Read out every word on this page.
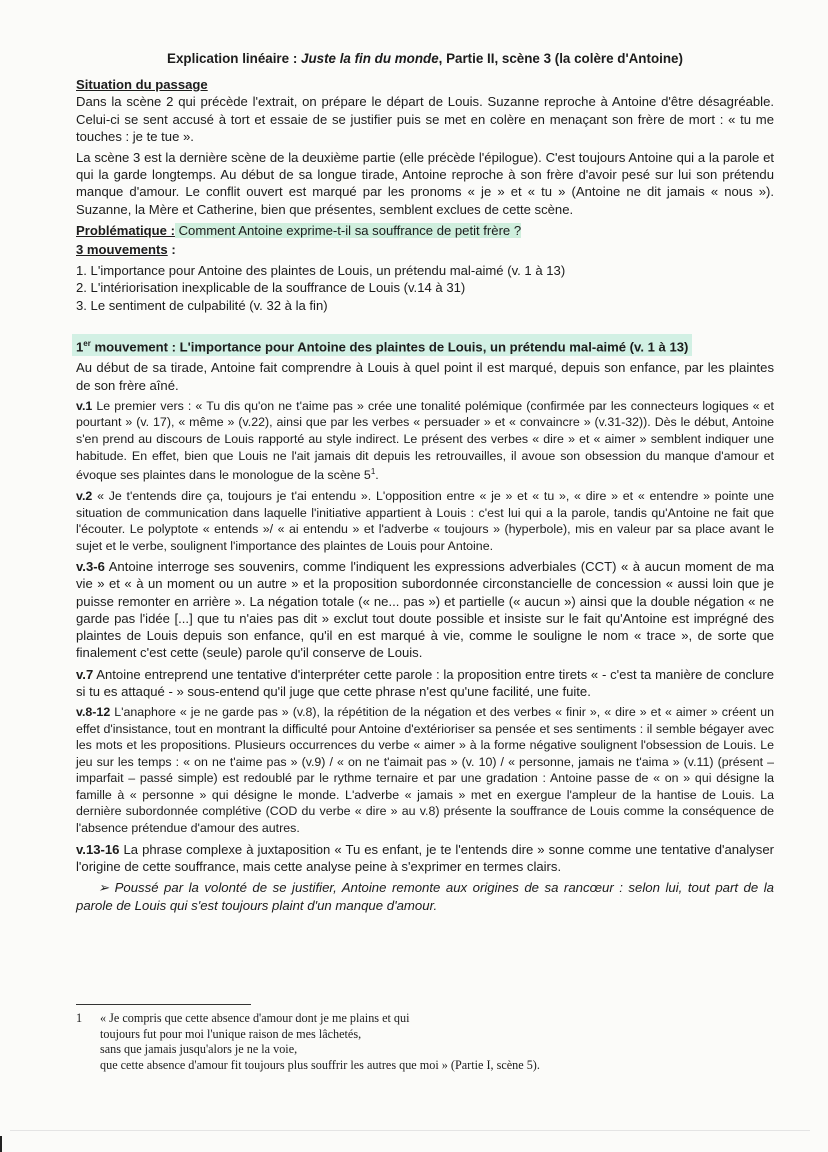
Explication linéaire : Juste la fin du monde, Partie II, scène 3 (la colère d'Antoine)
Situation du passage

Dans la scène 2 qui précède l'extrait, on prépare le départ de Louis. Suzanne reproche à Antoine d'être désagréable. Celui-ci se sent accusé à tort et essaie de se justifier puis se met en colère en menaçant son frère de mort : « tu me touches : je te tue ».

La scène 3 est la dernière scène de la deuxième partie (elle précède l'épilogue). C'est toujours Antoine qui a la parole et qui la garde longtemps. Au début de sa longue tirade, Antoine reproche à son frère d'avoir pesé sur lui son prétendu manque d'amour. Le conflit ouvert est marqué par les pronoms « je » et « tu » (Antoine ne dit jamais « nous »). Suzanne, la Mère et Catherine, bien que présentes, semblent exclues de cette scène.

Problématique : Comment Antoine exprime-t-il sa souffrance de petit frère ?
3 mouvements :
1. L'importance pour Antoine des plaintes de Louis, un prétendu mal-aimé (v. 1 à 13)
2. L'intériorisation inexplicable de la souffrance de Louis (v.14 à 31)
3. Le sentiment de culpabilité (v. 32 à la fin)
1er mouvement : L'importance pour Antoine des plaintes de Louis, un prétendu mal-aimé (v. 1 à 13)

Au début de sa tirade, Antoine fait comprendre à Louis à quel point il est marqué, depuis son enfance, par les plaintes de son frère aîné.

v.1 Le premier vers : « Tu dis qu'on ne t'aime pas » crée une tonalité polémique (confirmée par les connecteurs logiques « et pourtant » (v. 17), « même » (v.22), ainsi que par les verbes « persuader » et « convaincre » (v.31-32)). Dès le début, Antoine s'en prend au discours de Louis rapporté au style indirect. Le présent des verbes « dire » et « aimer » semblent indiquer une habitude. En effet, bien que Louis ne l'ait jamais dit depuis les retrouvailles, il avoue son obsession du manque d'amour et évoque ses plaintes dans le monologue de la scène $5^1$.

v.2 « Je t'entends dire ça, toujours je t'ai entendu ». L'opposition entre « je » et « tu », « dire » et « entendre » pointe une situation de communication dans laquelle l'initiative appartient à Louis : c'est lui qui a la parole, tandis qu'Antoine ne fait que l'écouter. Le polyptote « entends »/ « ai entendu » et l'adverbe « toujours » (hyperbole), mis en valeur par sa place avant le sujet et le verbe, soulignent l'importance des plaintes de Louis pour Antoine.

v.3-6 Antoine interroge ses souvenirs, comme l'indiquent les expressions adverbiales (CCT) « à aucun moment de ma vie » et « à un moment ou un autre » et la proposition subordonnée circonstancielle de concession « aussi loin que je puisse remonter en arrière ». La négation totale (« ne... pas ») et partielle (« aucun ») ainsi que la double négation « ne garde pas l'idée [...] que tu n'aies pas dit » exclut tout doute possible et insiste sur le fait qu'Antoine est imprégné des plaintes de Louis depuis son enfance, qu'il en est marqué à vie, comme le souligne le nom « trace », de sorte que finalement c'est cette (seule) parole qu'il conserve de Louis.

v.7 Antoine entreprend une tentative d'interpréter cette parole : la proposition entre tirets « - c'est ta manière de conclure si tu es attaqué - » sous-entend qu'il juge que cette phrase n'est qu'une facilité, une fuite.

v.8-12 L'anaphore « je ne garde pas » (v.8), la répétition de la négation et des verbes « finir », « dire » et « aimer » créent un effet d'insistance, tout en montrant la difficulté pour Antoine d'extérioriser sa pensée et ses sentiments : il semble bégayer avec les mots et les propositions. Plusieurs occurrences du verbe « aimer » à la forme négative soulignent l'obsession de Louis. Le jeu sur les temps : « on ne t'aime pas » (v.9) / « on ne t'aimait pas » (v. 10) / « personne, jamais ne t'aima » (v.11) (présent – imparfait – passé simple) est redoublé par le rythme ternaire et par une gradation : Antoine passe de « on » qui désigne la famille à « personne » qui désigne le monde. L'adverbe « jamais » met en exergue l'ampleur de la hantise de Louis. La dernière subordonnée complétive (COD du verbe « dire » au v.8) présente la souffrance de Louis comme la conséquence de l'absence prétendue d'amour des autres.

v.13-16 La phrase complexe à juxtaposition « Tu es enfant, je te l'entends dire » sonne comme une tentative d'analyser l'origine de cette souffrance, mais cette analyse peine à s'exprimer en termes clairs.

➢ Poussé par la volonté de se justifier, Antoine remonte aux origines de sa rancœur : selon lui, tout part de la parole de Louis qui s'est toujours plaint d'un manque d'amour.

1 « Je compris que cette absence d'amour dont je me plains et qui
toujours fut pour moi l'unique raison de mes lâchetés,
sans que jamais jusqu'alors je ne la voie,
que cette absence d'amour fit toujours plus souffrir les autres que moi » (Partie I, scène 5).
